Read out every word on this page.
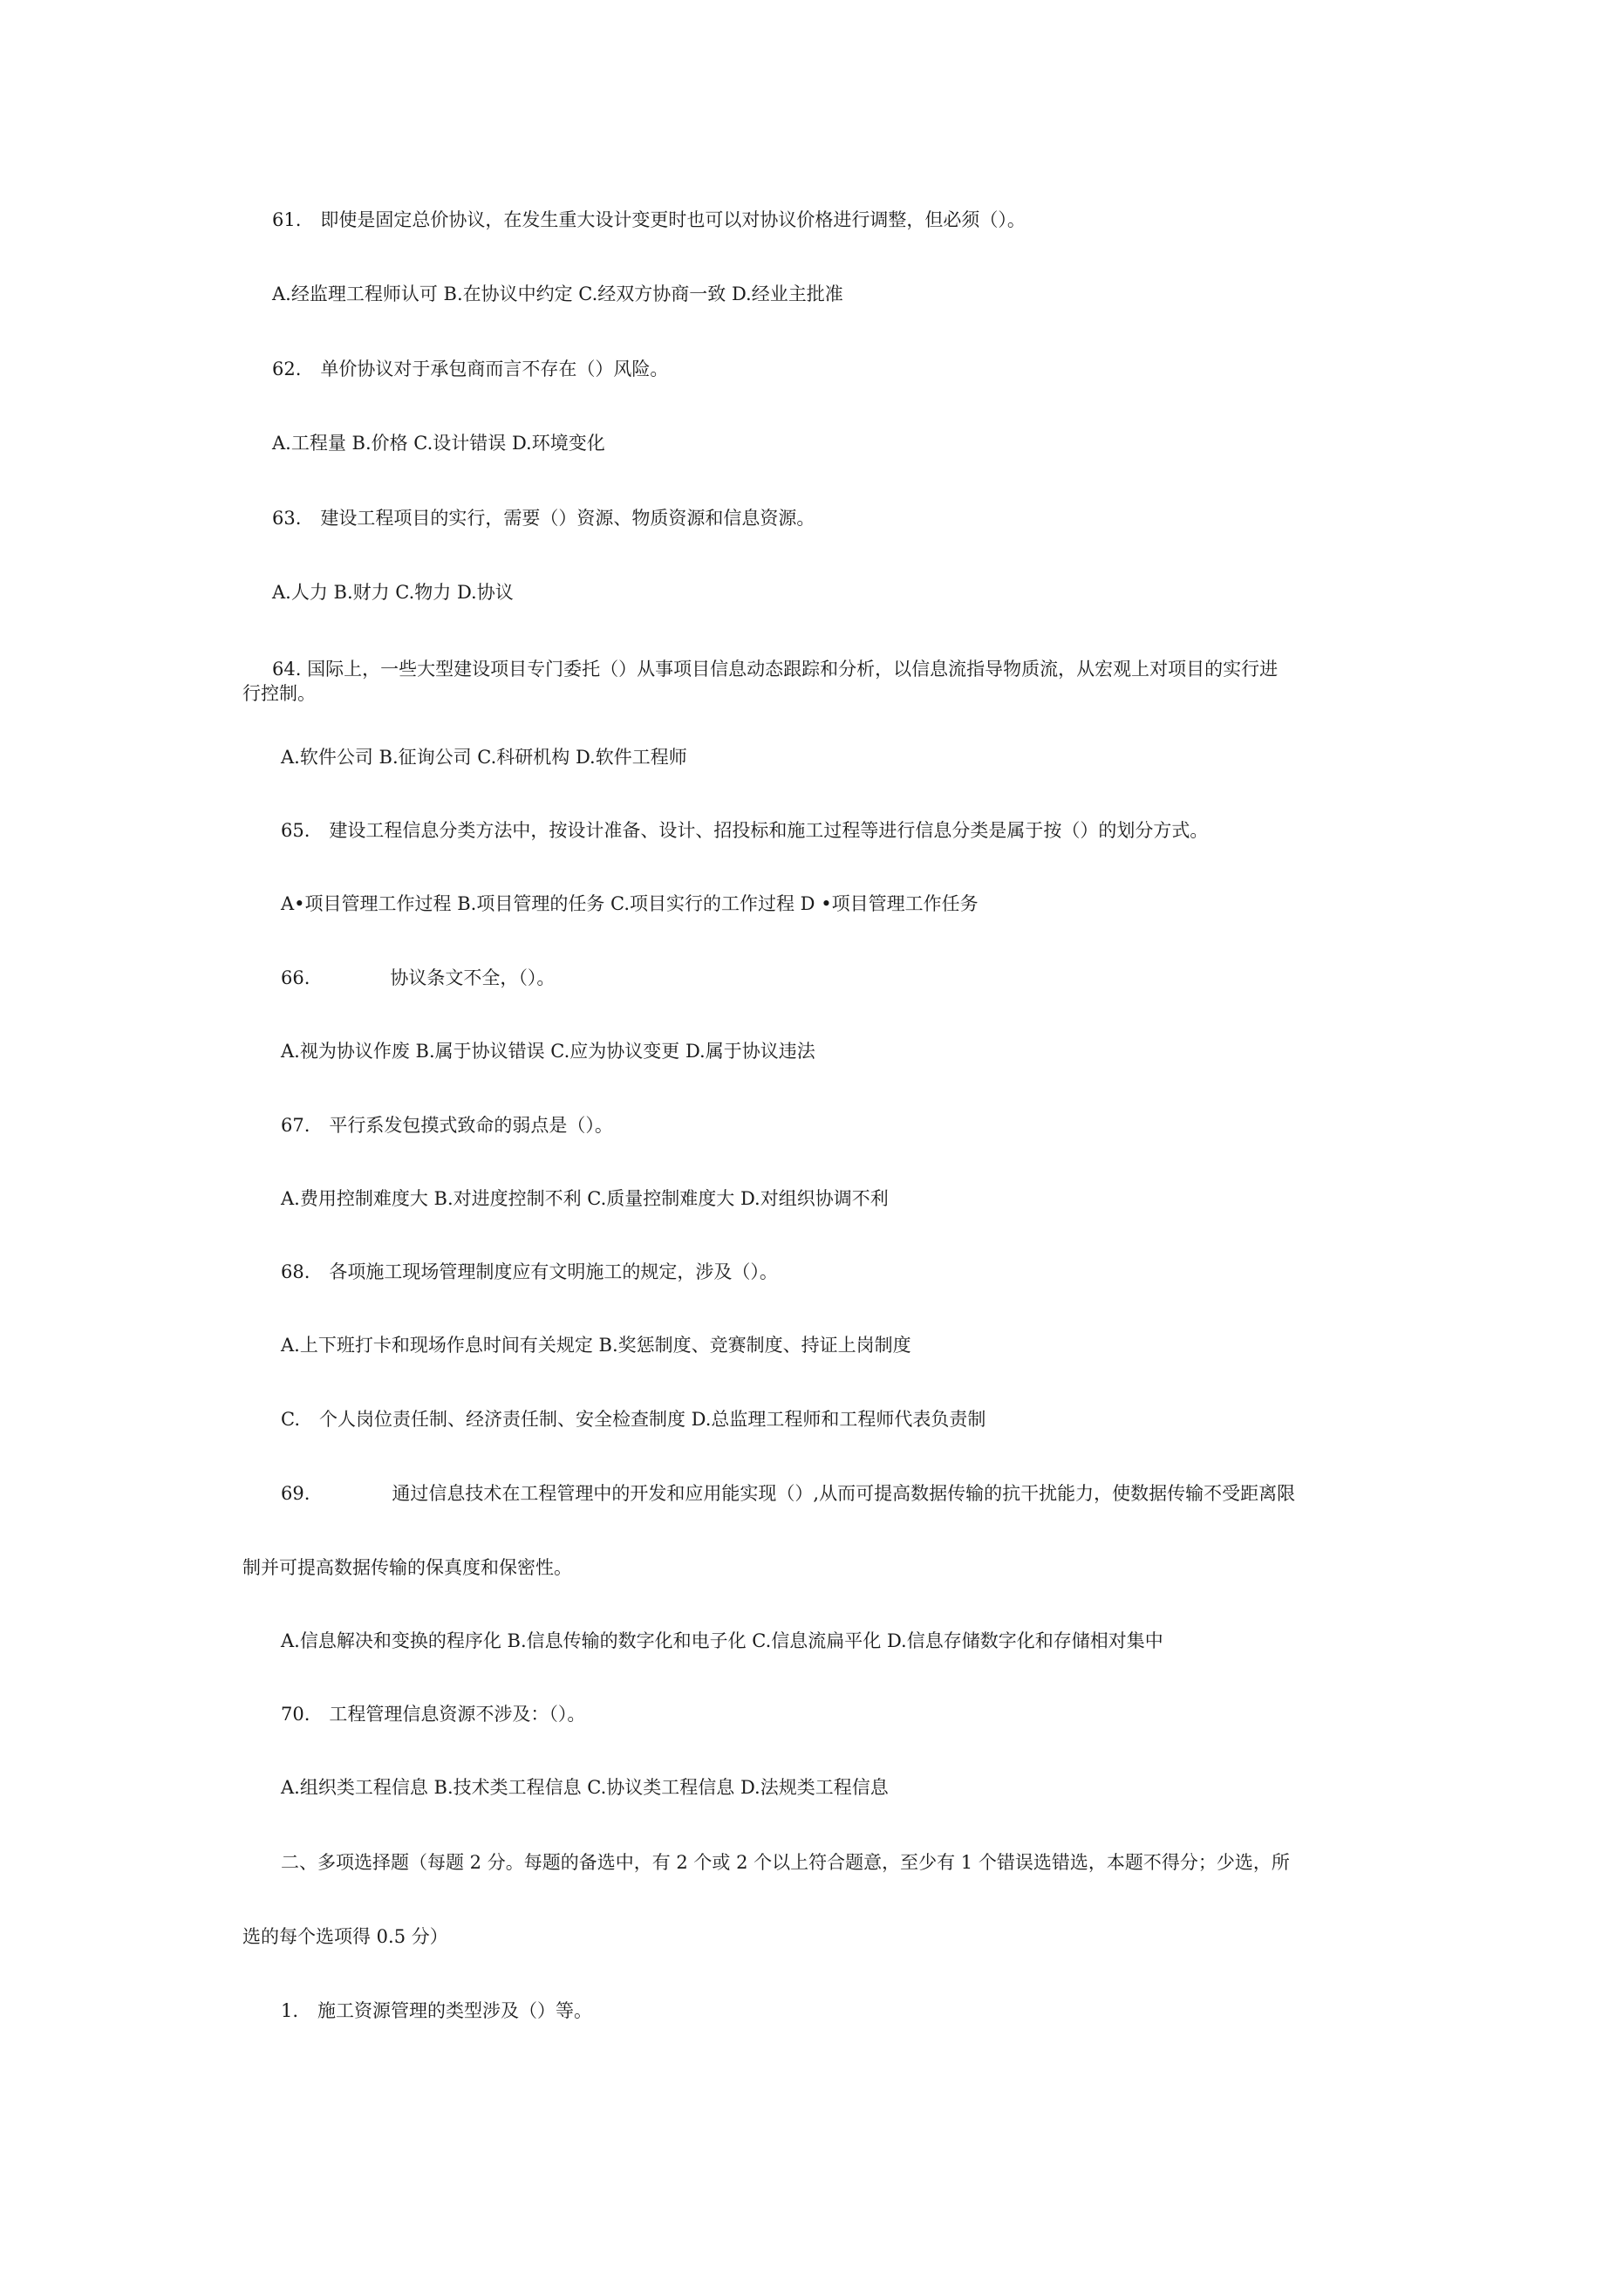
61. 即使是固定总价协议，在发生重大设计变更时也可以对协议价格进行调整，但必须（）。

A.经监理工程师认可 B.在协议中约定 C.经双方协商一致 D.经业主批准

62. 单价协议对于承包商而言不存在（）风险。

A.工程量 B.价格 C.设计错误 D.环境变化

63. 建设工程项目的实行，需要（）资源、物质资源和信息资源。

A.人力 B.财力 C.物力 D.协议

64. 国际上，一些大型建设项目专门委托（）从事项目信息动态跟踪和分析，以信息流指导物质流，从宏观上对项目的实行进

行控制。

A.软件公司 B.征询公司 C.科研机构 D.软件工程师

65. 建设工程信息分类方法中，按设计准备、设计、招投标和施工过程等进行信息分类是属于按（）的划分方式。

A•项目管理工作过程 B.项目管理的任务 C.项目实行的工作过程 D •项目管理工作任务

66.	协议条文不全，（）。

A.视为协议作废 B.属于协议错误 C.应为协议变更 D.属于协议违法

67. 平行系发包摸式致命的弱点是（）。

A.费用控制难度大 B.对进度控制不利 C.质量控制难度大 D.对组织协调不利

68. 各项施工现场管理制度应有文明施工的规定，涉及（）。

A.上下班打卡和现场作息时间有关规定 B.奖惩制度、竞赛制度、持证上岗制度

C. 个人岗位责任制、经济责任制、安全检查制度 D.总监理工程师和工程师代表负责制

69.	通过信息技术在工程管理中的开发和应用能实现（）,从而可提高数据传输的抗干扰能力，使数据传输不受距离限

制并可提高数据传输的保真度和保密性。

A.信息解决和变换的程序化 B.信息传输的数字化和电子化 C.信息流扁平化 D.信息存储数字化和存储相对集中

70. 工程管理信息资源不涉及：（）。

A.组织类工程信息 B.技术类工程信息 C.协议类工程信息 D.法规类工程信息

二、多项选择题（每题 2 分。每题的备选中，有 2 个或 2 个以上符合题意，至少有 1 个错误选错选，本题不得分；少选，所

选的每个选项得 0.5 分）

1. 施工资源管理的类型涉及（）等。
